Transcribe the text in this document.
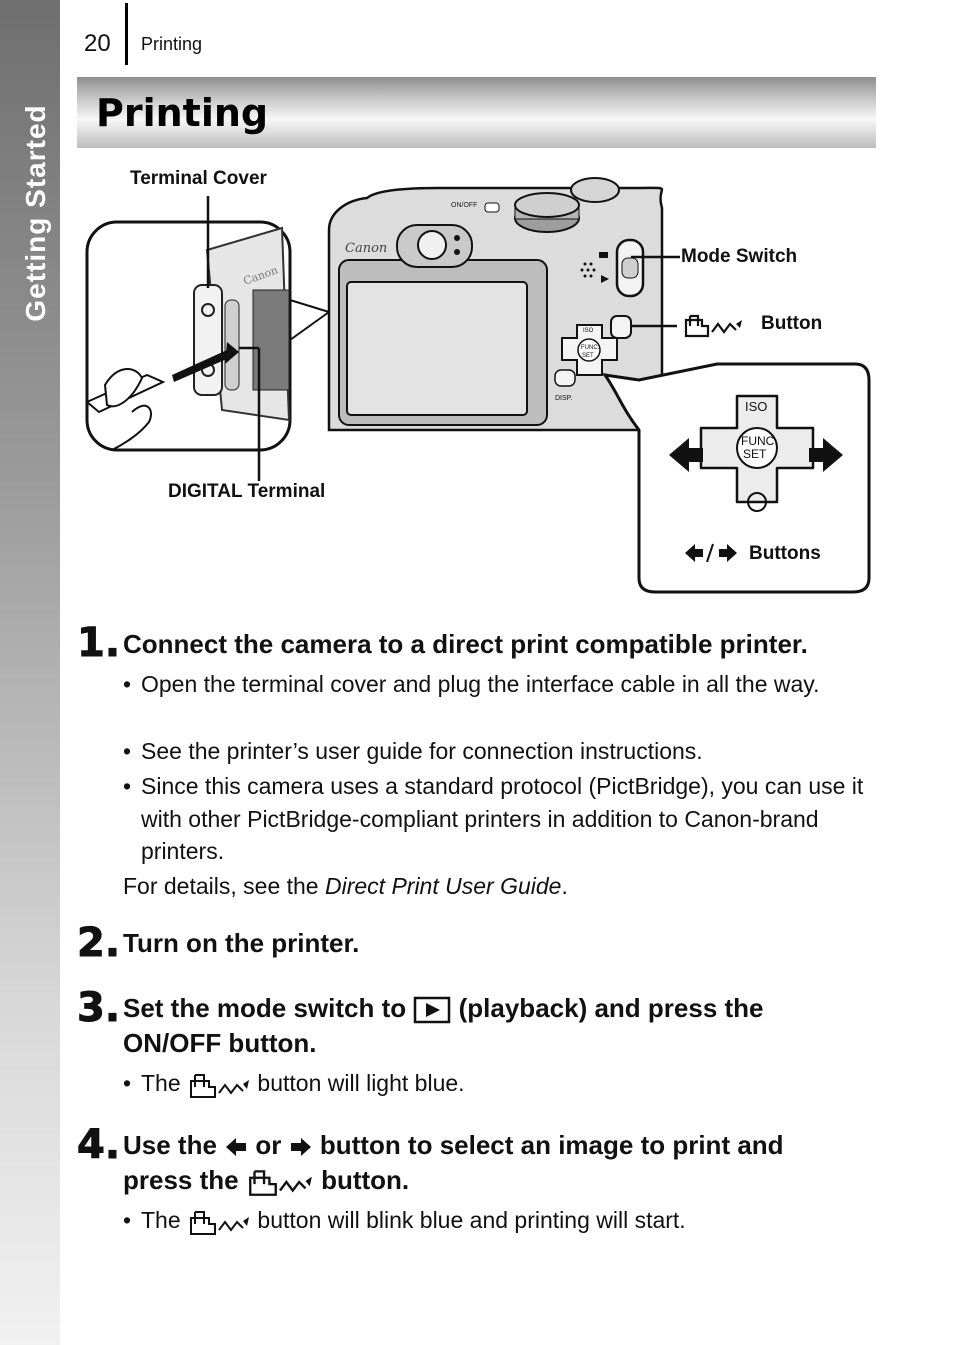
Getting Started
20 Printing
Printing
Canon
Canon
ON/OFF
FUNC.
SET
ISO
DISP.
FUNC.
SET
ISO
Terminal Cover
DIGITAL Terminal
Mode Switch
Button
Buttons
1. Connect the camera to a direct print compatible printer.
• Open the terminal cover and plug the interface cable in all the way.
• See the printer’s user guide for connection instructions.
• Since this camera uses a standard protocol (PictBridge), you can use it with other PictBridge-compliant printers in addition to Canon-brand printers.
For details, see the Direct Print User Guide.
2. Turn on the printer.
3. Set the mode switch to (playback) and press the
ON/OFF button.
• The	button will light blue.
4. Use the or button to select an image to print and
press the	button.
• The	button will blink blue and printing will start.
